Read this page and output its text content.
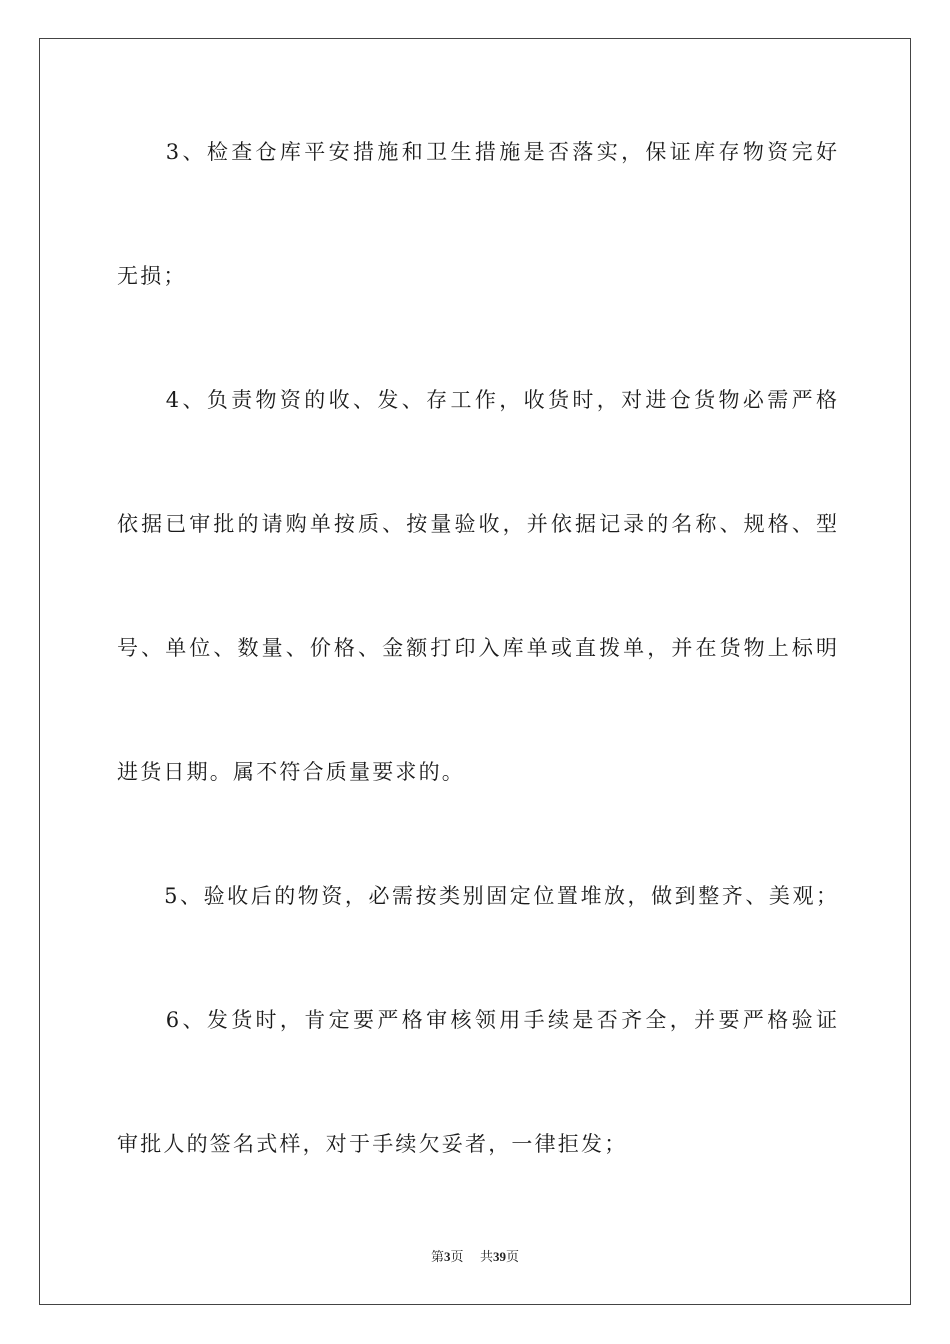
　　3、检查仓库平安措施和卫生措施是否落实，保证库存物资完好
无损；
　　4、负责物资的收、发、存工作，收货时，对进仓货物必需严格
依据已审批的请购单按质、按量验收，并依据记录的名称、规格、型
号、单位、数量、价格、金额打印入库单或直拨单，并在货物上标明
进货日期。属不符合质量要求的。
　　5、验收后的物资，必需按类别固定位置堆放，做到整齐、美观；
　　6、发货时，肯定要严格审核领用手续是否齐全，并要严格验证
审批人的签名式样，对于手续欠妥者，一律拒发；
第3页 共39页
